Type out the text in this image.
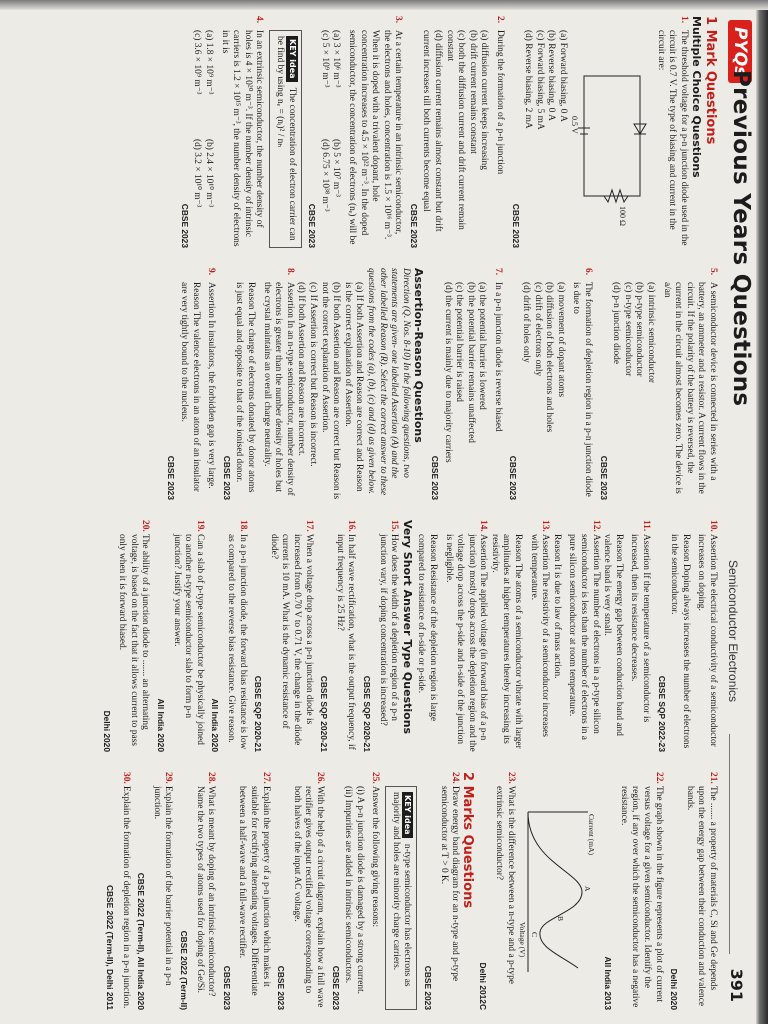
PYQs
Previous Years Questions
Semiconductor Electronics
391
1 Mark Questions
Multiple Choice Questions
1.
The threshold voltage for a p-n junction diode used in the circuit is 0.7 V. The type of biasing and current in the circuit are:
100 Ω
0.5 V
(a) Forward biasing, 0 A
(b) Reverse biasing, 0 A
(c) Forward biasing, 5 mA
(d) Reverse biasing, 2 mA
CBSE 2023
2.
During the formation of a p-n junction
(a) diffusion current keeps increasing
(b) drift current remains constant
(c) both the diffusion current and drift current remain constant
(d) diffusion current remains almost constant but drift current increases till both currents become equal
CBSE 2023
3.
At a certain temperature in an intrinsic semiconductor, the electrons and holes, concentration is 1.5 × 10¹⁶ m⁻³. When it is doped with a trivalent dopant, hole concentration increases to 4.5 × 10²² m⁻³. In the doped semiconductor, the concentration of electrons (nₑ) will be
(a) 3 × 10⁶ m⁻³
(b) 5 × 10⁷ m⁻³
(c) 5 × 10⁹ m⁻³
(d) 6.75 × 10³⁸ m⁻³
CBSE 2023
KEY idea The concentration of electron carrier can be find by using nₑ = (nᵢ)² / nₕ
4.
In an extrinsic semiconductor, the number density of holes is 4 × 10²⁰ m⁻³. If the number density of intrinsic carriers is 1.2 × 10¹⁵ m⁻³, the number density of electrons in it is
(a) 1.8 × 10⁹ m⁻³
(b) 2.4 × 10¹⁰ m⁻³
(c) 3.6 × 10⁹ m⁻³
(d) 3.2 × 10¹⁰ m⁻³
CBSE 2023
5.
A semiconductor device is connected in series with a battery, an ammeter and a resistor. A current flows in the circuit. If the polarity of the battery is reversed, the current in the circuit almost becomes zero. The device is a/an
(a) intrinsic semiconductor
(b) p-type semiconductor
(c) n-type semiconductor
(d) p-n junction diode
CBSE 2023
6.
The formation of depletion region in a p-n junction diode is due to
(a) movement of dopant atoms
(b) diffusion of both electrons and holes
(c) drift of electrons only
(d) drift of holes only
CBSE 2023
7.
In a p-n junction diode is reverse biased
(a) the potential barrier is lowered
(b) the potential barrier remains unaffected
(c) the potential barrier is raised
(d) the current is mainly due to majority carriers
CBSE 2023
Assertion-Reason Questions
Direction (Q. Nos. 8-10) In the following questions, two statements are given- one labelled Assertion (A) and the other labelled Reason (R). Select the correct answer to these questions from the codes (a), (b), (c) and (d) as given below.
(a) If both Assertion and Reason are correct and Reason is the correct explanation of Assertion.
(b) If both Assertion and Reason are correct but Reason is not the correct explanation of Assertion.
(c) If Assertion is correct but Reason is incorrect.
(d) If both Assertion and Reason are incorrect.
8.
Assertion In an n-type semiconductor, number density of electrons is greater than the number density of holes but the crystal maintains an overall charge neutrality.
Reason The charge of electrons donated by donor atoms is just equal and opposite to that of the ionised donor.
CBSE 2023
9.
Assertion In insulators, the forbidden gap is very large.
Reason The valence electrons in an atom of an insulator are very tightly bound to the nucleus.
CBSE 2023
10.
Assertion The electrical conductivity of a semiconductor increases on doping.
Reason Doping always increases the number of electrons in the semiconductor.
CBSE SQP 2022-23
11.
Assertion If the temperature of a semiconductor is increased, then its resistance decreases.
Reason The energy gap between conduction band and valence band is very small.
12.
Assertion The number of electrons in a p-type silicon semiconductor is less than the number of electrons in a pure silicon semiconductor at room temperature.
Reason It is due to law of mass action.
13.
Assertion The resistivity of a semiconductor increases with temperature.
Reason The atoms of a semiconductor vibrate with larger amplitudes at higher temperatures thereby increasing its resistivity.
14.
Assertion The applied voltage (in forward bias of a p-n junction) mostly drops across the depletion region and the voltage drop across the p-side and n-side of the junction is negligible.
Reason Resistance of the depletion region is large compared to resistance of n-side or p-side.
Very Short Answer Type Questions
15.
How does the width of a depletion region of a p-n junction vary, if doping concentration is increased?
CBSE SQP 2020-21
16.
In half wave rectification, what is the output frequency, if input frequency is 25 Hz?
CBSE SQP 2020-21
17.
When a voltage drop across a p-n junction diode is increased from 0.70 V to 0.71 V, the change in the diode current is 10 mA. What is the dynamic resistance of diode?
CBSE SQP 2020-21
18.
In a p-n junction diode, the forward bias resistance is low as compared to the reverse bias resistance. Give reason.
All India 2020
19.
Can a slab of p-type semiconductor be physically joined to another n-type semiconductor slab to form p-n junction? Justify your answer.
All India 2020
20.
The ability of a junction diode to ....... an alternating voltage, is based on the fact that it allows current to pass only when it is forward biased.
Delhi 2020
21.
The ....... a property of materials C, Si and Ge depends upon the energy gap between their conduction and valence bands.
Delhi 2020
22.
The graph shown in the figure represents a plot of current versus voltage for a given semiconductor. Identify the region, if any over which the semiconductor has a negative resistance.
All India 2013
Current (mA)
Voltage (V)
A
B
C
23.
What is the difference between a n-type and a p-type extrinsic semiconductor?
Delhi 2012C
2 Marks Questions
24.
Draw energy band diagram for an n-type and p-type semiconductor at T > 0 K.
CBSE 2023
KEY idea n-type semiconductor has electrons as majority and holes are minority charge carriers.
25.
Answer the following giving reasons:
(i) A p-n junction diode is damaged by a strong current.
(ii) Impurities are added in intrinsic semiconductors.
CBSE 2023
26.
With the help of a circuit diagram, explain how a full wave rectifier gives output rectified voltage corresponding to both halves of the input AC voltage.
CBSE 2023
27.
Explain the property of a p-n junction which makes it suitable for rectifying alternating voltages. Differentiate between a half-wave and a full-wave rectifier.
CBSE 2023
28.
What is meant by doping of an intrinsic semiconductor? Name the two types of atoms used for doping of Ge/Si.
CBSE 2022 (Term-II)
29.
Explain the formation of the barrier potential in a p-n junction.
CBSE 2022 (Term-II), All India 2020
30.
Explain the formation of depletion region in a p-n junction.
CBSE 2022 (Term-II), Delhi 2011
